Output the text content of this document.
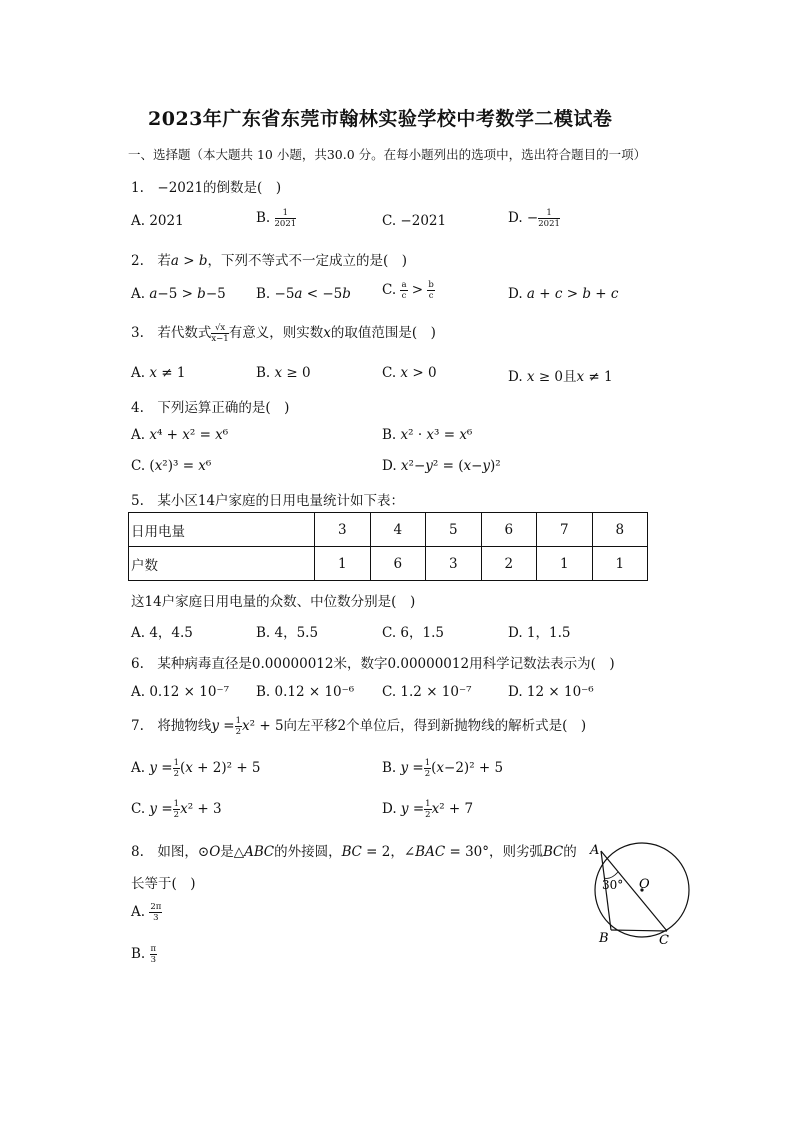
2023年广东省东莞市翰林实验学校中考数学二模试卷
一、选择题（本大题共 10 小题，共30.0 分。在每小题列出的选项中，选出符合题目的一项）
1.　−2021的倒数是(　)
A. 2021	B. $\frac{1}{2021}$	C. −2021	D. − $\frac{1}{2021}$
2.　若𝑎 > 𝑏，下列不等式不一定成立的是(　)
A. 𝑎−5 > 𝑏−5 B. −5𝑎 < −5𝑏 C. $\frac{a}{c} > \frac{b}{c}$	D. 𝑎 + 𝑐 > 𝑏 + 𝑐
3.　若代数式 $\frac{√x}{x-1}$ 有意义，则实数𝑥的取值范围是(　)
A. 𝑥 ≠ 1	B. 𝑥 ≥ 0	C. 𝑥 > 0	D. 𝑥 ≥ 0且𝑥 ≠ 1
4.　下列运算正确的是(　)
A. 𝑥⁴ + 𝑥² = 𝑥⁶	B. 𝑥² · 𝑥³ = 𝑥⁶
C. (𝑥²)³ = 𝑥⁶	D. 𝑥²−𝑦² = (𝑥−𝑦)²
5.　某小区14户家庭的日用电量统计如下表：
日用电量	3	4	5	6	7	8
户数	1	6	3	2	1	1
这14户家庭日用电量的众数、中位数分别是(　)
A. 4，4.5	B. 4，5.5	C. 6，1.5	D. 1，1.5
6.　某种病毒直径是0.00000012米，数字0.00000012用科学记数法表示为(　)
A. 0.12 × 10⁻⁷ B. 0.12 × 10⁻⁶ C. 1.2 × 10⁻⁷	D. 12 × 10⁻⁶
7.　将抛物线𝑦 = $\frac{1}{2}$ 𝑥² + 5向左平移2个单位后，得到新抛物线的解析式是(　)
A. 𝑦 = $\frac{1}{2}$ (𝑥 + 2)² + 5	B. 𝑦 = $\frac{1}{2}$ (𝑥−2)² + 5
C. 𝑦 = $\frac{1}{2}$ 𝑥² + 3	D. 𝑦 = $\frac{1}{2}$ 𝑥² + 7
8.　如图，⊙𝑂是△𝐴𝐵𝐶的外接圆，𝐵𝐶 = 2，∠𝐵𝐴𝐶 = 30°，则劣弧𝐵𝐶的
长等于(　)
A. $\frac{2\pi}{3}$
B. $\frac{\pi}{3}$
A
30° O
B	C
